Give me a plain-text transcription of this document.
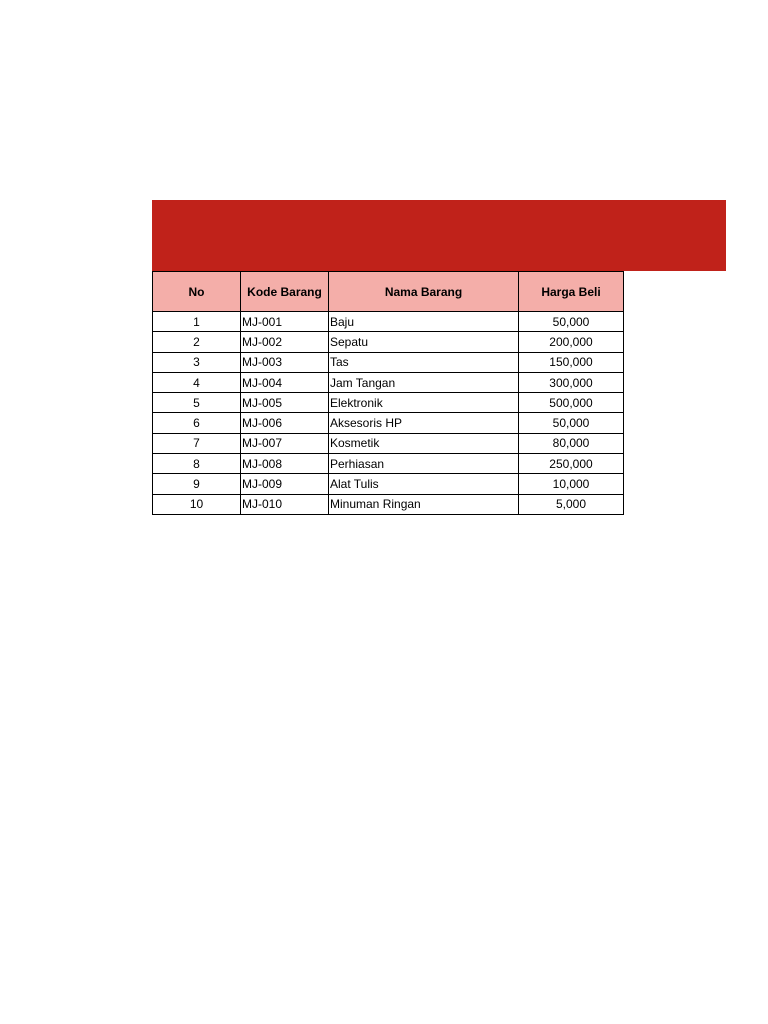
No	Kode Barang	Nama Barang	Harga Beli
1	MJ-001	Baju	50,000
2	MJ-002	Sepatu	200,000
3	MJ-003	Tas	150,000
4	MJ-004	Jam Tangan	300,000
5	MJ-005	Elektronik	500,000
6	MJ-006	Aksesoris HP	50,000
7	MJ-007	Kosmetik	80,000
8	MJ-008	Perhiasan	250,000
9	MJ-009	Alat Tulis	10,000
10	MJ-010	Minuman Ringan	5,000
